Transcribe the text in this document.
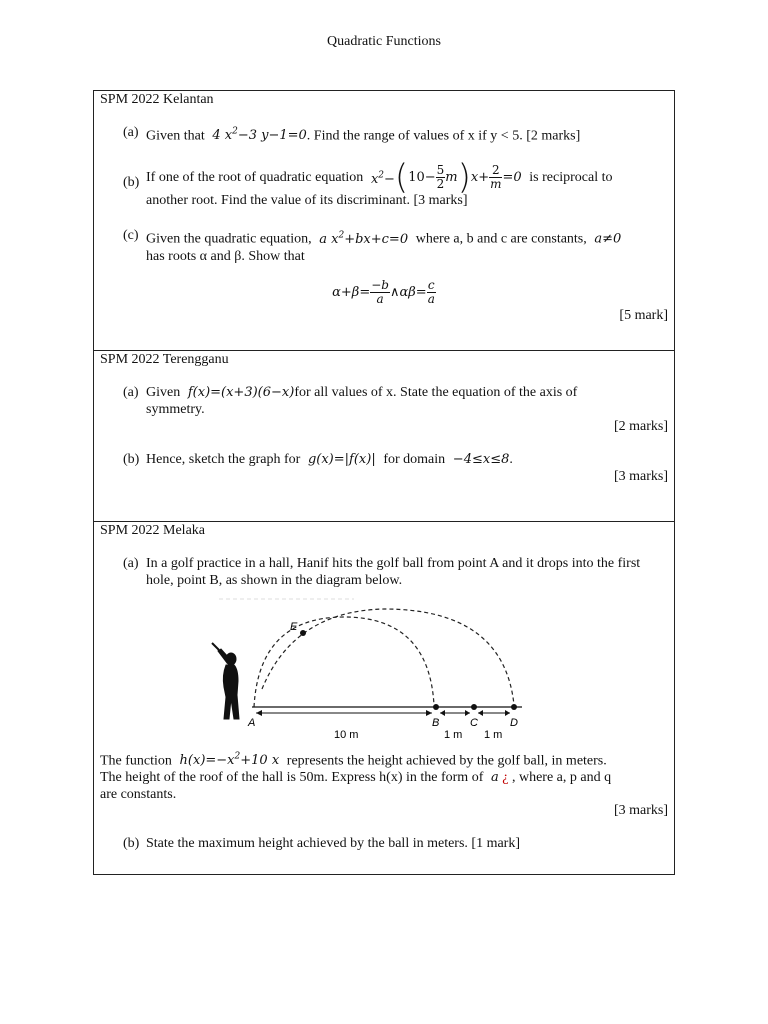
Quadratic Functions
SPM 2022 Kelantan
(a) Given that  4 $x^2-3$ y−1=0. Find the range of values of x if y < 5. [2 marks]
(b) If one of the root of quadratic equation  $x^2-(10- \frac{5}{2} m)x+ \frac{2}{m} =0$  is reciprocal to
another root. Find the value of its discriminant. [3 marks]
(c) Given the quadratic equation,  a $x^2+bx+c=0$  where a, b and c are constants,  a≠0
has roots α and β. Show that
$\alpha+\beta= \frac{-b}{a}$ ∧αβ= $\frac{c}{a}$
[5 mark]
SPM 2022 Terengganu
(a) Given  f(x)=(x+3)(6−x)for all values of x. State the equation of the axis of
symmetry.
[2 marks]
(b) Hence, sketch the graph for  g(x)=|f(x)|  for domain  −4≤x≤8.
[3 marks]
SPM 2022 Melaka
(a) In a golf practice in a hall, Hanif hits the golf ball from point A and it drops into the first hole, point B, as shown in the diagram below.
E
A	B	C	D
10 m	1 m 1 m
The function  $h(x)=-x^2+10$ x  represents the height achieved by the golf ball, in meters.
The height of the roof of the hall is 50m. Express h(x) in the form of  a ¿ , where a, p and q
are constants.
[3 marks]
(b) State the maximum height achieved by the ball in meters. [1 mark]
